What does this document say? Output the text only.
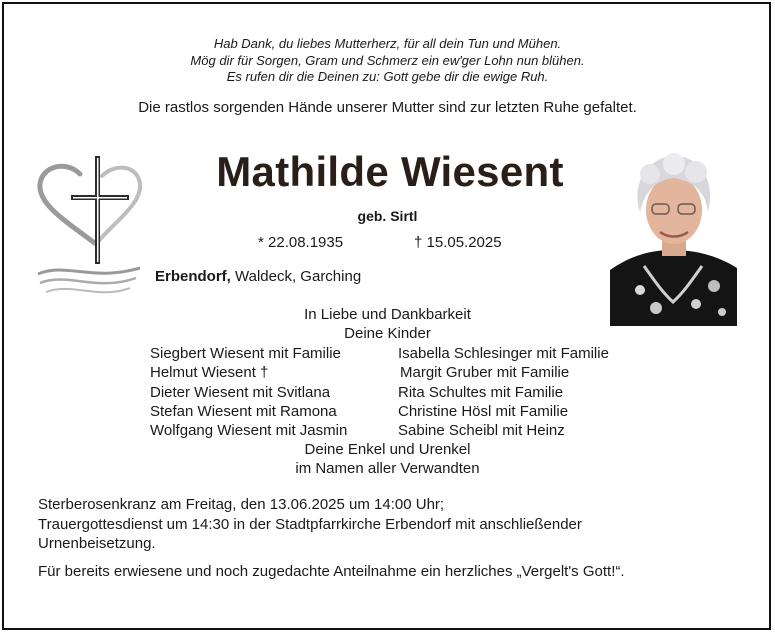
Hab Dank, du liebes Mutterherz, für all dein Tun und Mühen.
Mög dir für Sorgen, Gram und Schmerz ein ew'ger Lohn nun blühen.
Es rufen dir die Deinen zu: Gott gebe dir die ewige Ruh.
Die rastlos sorgenden Hände unserer Mutter sind zur letzten Ruhe gefaltet.
Mathilde Wiesent
geb. Sirtl
* 22.08.1935	† 15.05.2025
Erbendorf, Waldeck, Garching
In Liebe und Dankbarkeit
Deine Kinder
Siegbert Wiesent mit Familie
Helmut Wiesent †
Dieter Wiesent mit Svitlana
Stefan Wiesent mit Ramona
Wolfgang Wiesent mit Jasmin
Isabella Schlesinger mit Familie
Margit Gruber mit Familie
Rita Schultes mit Familie
Christine Hösl mit Familie
Sabine Scheibl mit Heinz
Deine Enkel und Urenkel
im Namen aller Verwandten
Sterberosenkranz am Freitag, den 13.06.2025 um 14:00 Uhr;
Trauergottesdienst um 14:30 in der Stadtpfarrkirche Erbendorf mit anschließender
Urnenbeisetzung.
Für bereits erwiesene und noch zugedachte Anteilnahme ein herzliches „Vergelt's Gott!“.
